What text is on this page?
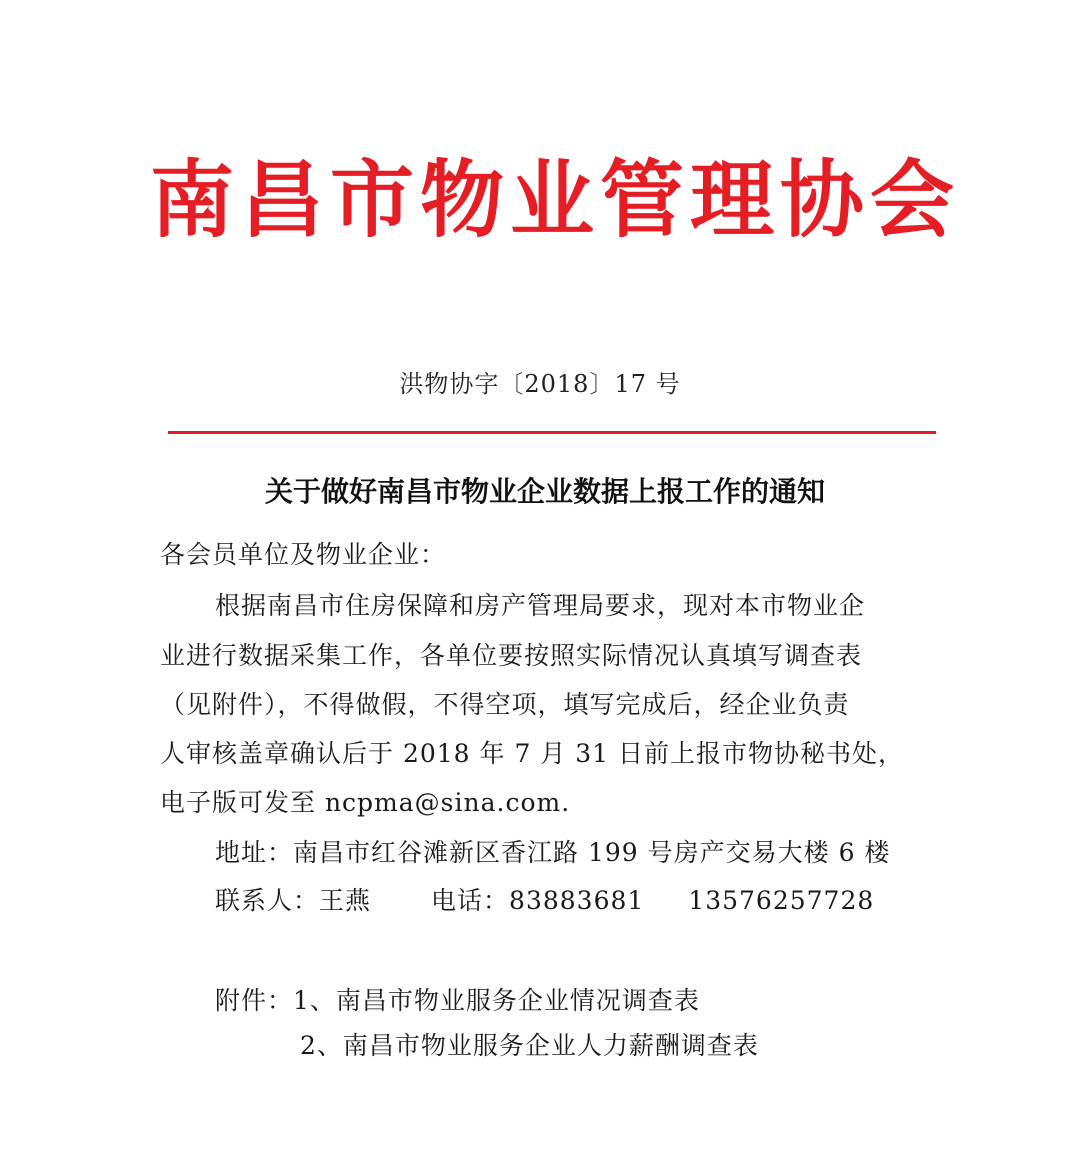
南昌市物业管理协会
洪物协字〔2018〕17 号
关于做好南昌市物业企业数据上报工作的通知
各会员单位及物业企业：
根据南昌市住房保障和房产管理局要求，现对本市物业企
业进行数据采集工作，各单位要按照实际情况认真填写调查表
（见附件），不得做假，不得空项，填写完成后，经企业负责
人审核盖章确认后于 2018 年 7 月 31 日前上报市物协秘书处，
电子版可发至 ncpma@sina.com.
地址：南昌市红谷滩新区香江路 199 号房产交易大楼 6 楼
联系人：王燕 电话：83883681 13576257728
附件：1、南昌市物业服务企业情况调查表
2、南昌市物业服务企业人力薪酬调查表
